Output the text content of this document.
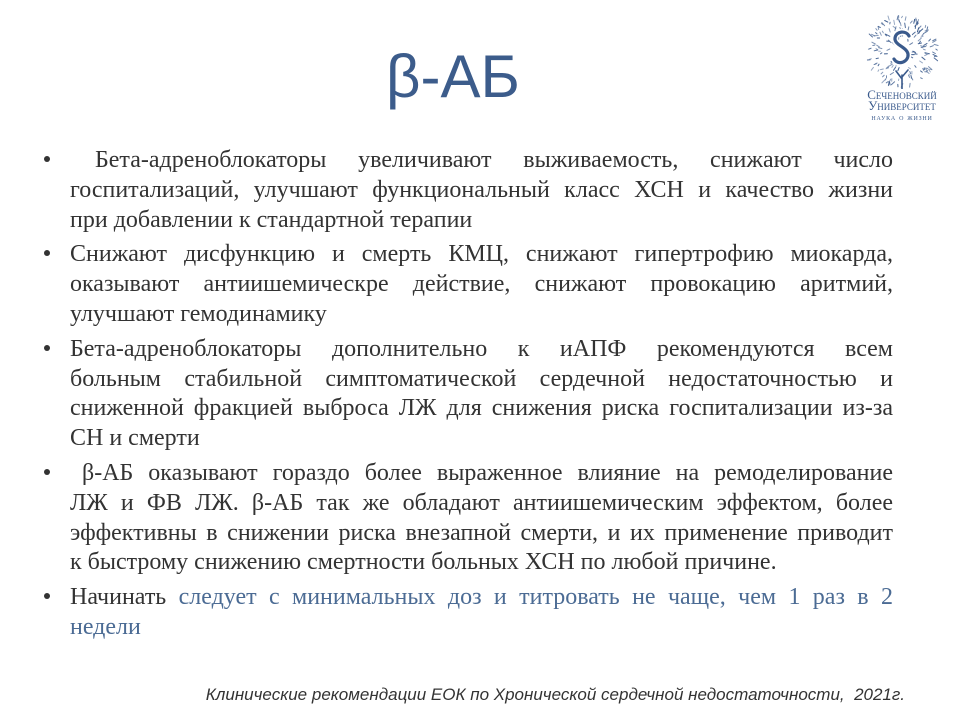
β-АБ	Сеченовский
Университет
наука о жизни
Бета-адреноблокаторы увеличивают выживаемость, снижают число
госпитализаций, улучшают функциональный класс ХСН и качество жизни
при добавлении к стандартной терапии
Снижают дисфункцию и смерть КМЦ, снижают гипертрофию миокарда,
оказывают антиишемическре действие, снижают провокацию аритмий,
улучшают гемодинамику
Бета-адреноблокаторы дополнительно к иАПФ рекомендуются всем
больным стабильной симптоматической сердечной недостаточностью и
сниженной фракцией выброса ЛЖ для снижения риска госпитализации из-за
СН и смерти
β-АБ оказывают гораздо более выраженное влияние на ремоделирование
ЛЖ и ФВ ЛЖ. β-АБ так же обладают антиишемическим эффектом, более
эффективны в снижении риска внезапной смерти, и их применение приводит
к быстрому снижению смертности больных ХСН по любой причине.
Начинать следует с минимальных доз и титровать не чаще, чем 1 раз в 2
недели
Клинические рекомендации ЕОК по Хронической сердечной недостаточности,  2021г.
